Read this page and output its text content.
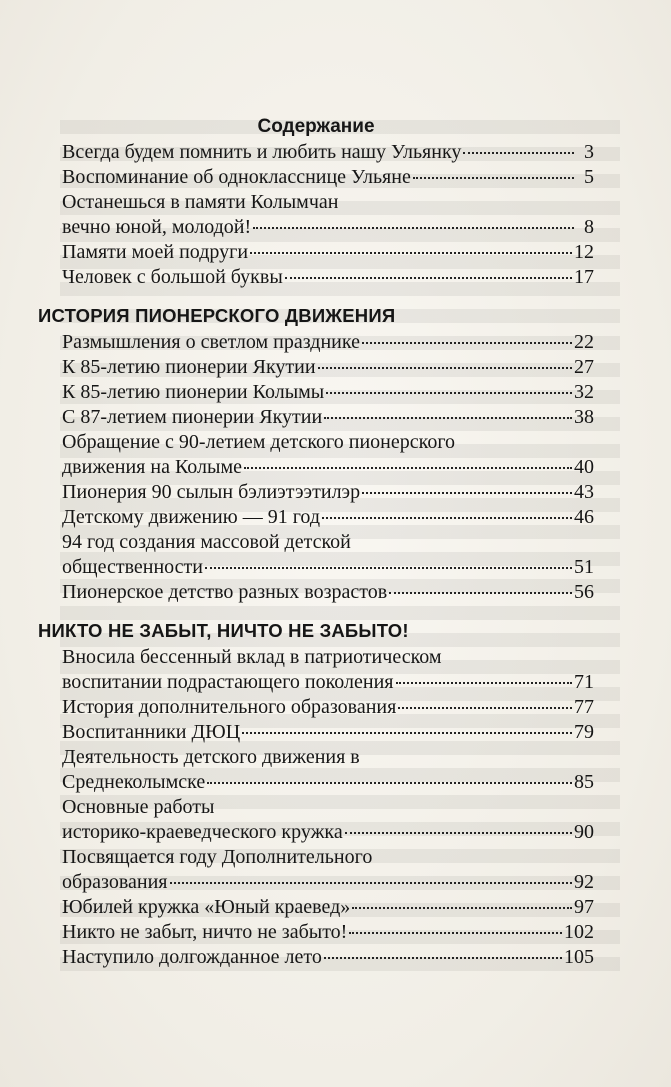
Содержание
Всегда будем помнить и любить нашу Ульянку	3
Воспоминание об однокласснице Ульяне	5
Останешься в памяти Колымчан
вечно юной, молодой!	8
Памяти моей подруги	12
Человек с большой буквы	17
ИСТОРИЯ ПИОНЕРСКОГО ДВИЖЕНИЯ
Размышления о светлом празднике	22
К 85-летию пионерии Якутии	27
К 85-летию пионерии Колымы	32
С 87-летием пионерии Якутии	38
Обращение с 90-летием детского пионерского
движения на Колыме	40
Пионерия 90 сылын бэлиэтээтилэр	43
Детскому движению — 91 год	46
94 год создания массовой детской
общественности	51
Пионерское детство разных возрастов	56
НИКТО НЕ ЗАБЫТ, НИЧТО НЕ ЗАБЫТО!
Вносила бессенный вклад в патриотическом
воспитании подрастающего поколения	71
История дополнительного образования	77
Воспитанники ДЮЦ	79
Деятельность детского движения в
Среднеколымске	85
Основные работы
историко-краеведческого кружка	90
Посвящается году Дополнительного
образования	92
Юбилей кружка «Юный краевед»	97
Никто не забыт, ничто не забыто!	102
Наступило долгожданное лето	105
